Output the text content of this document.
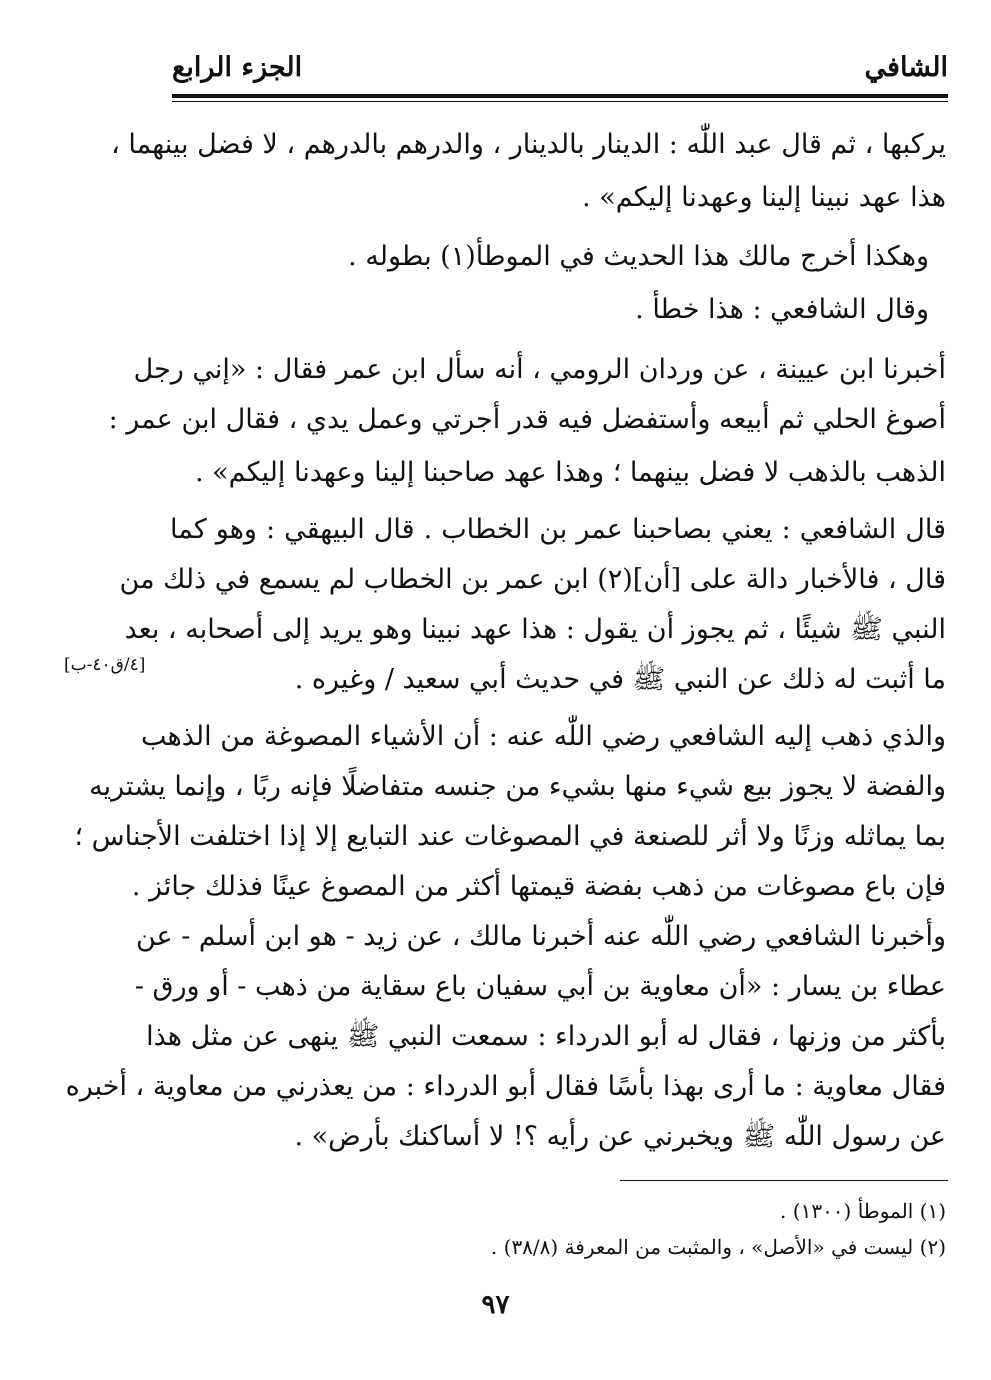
الشافي
الجزء الرابع
يركبها ، ثم قال عبد اللّٰه : الدينار بالدينار ، والدرهم بالدرهم ، لا فضل بينهما ،
هذا عهد نبينا إلينا وعهدنا إليكم» .
وهكذا أخرج مالك هذا الحديث في الموطأ(١) بطوله .
وقال الشافعي : هذا خطأ .
أخبرنا ابن عيينة ، عن وردان الرومي ، أنه سأل ابن عمر فقال : «إني رجل
أصوغ الحلي ثم أبيعه وأستفضل فيه قدر أجرتي وعمل يدي ، فقال ابن عمر :
الذهب بالذهب لا فضل بينهما ؛ وهذا عهد صاحبنا إلينا وعهدنا إليكم» .
قال الشافعي : يعني بصاحبنا عمر بن الخطاب . قال البيهقي : وهو كما
قال ، فالأخبار دالة على [أن](٢) ابن عمر بن الخطاب لم يسمع في ذلك من
النبي ﷺ شيئًا ، ثم يجوز أن يقول : هذا عهد نبينا وهو يريد إلى أصحابه ، بعد
ما أثبت له ذلك عن النبي ﷺ في حديث أبي سعيد / وغيره .
[٤/ق٤٠-ب]
والذي ذهب إليه الشافعي رضي اللّٰه عنه : أن الأشياء المصوغة من الذهب
والفضة لا يجوز بيع شيء منها بشيء من جنسه متفاضلًا فإنه ربًا ، وإنما يشتريه
بما يماثله وزنًا ولا أثر للصنعة في المصوغات عند التبايع إلا إذا اختلفت الأجناس ؛
فإن باع مصوغات من ذهب بفضة قيمتها أكثر من المصوغ عينًا فذلك جائز .
وأخبرنا الشافعي رضي اللّٰه عنه أخبرنا مالك ، عن زيد - هو ابن أسلم - عن
عطاء بن يسار : «أن معاوية بن أبي سفيان باع سقاية من ذهب - أو ورق -
بأكثر من وزنها ، فقال له أبو الدرداء : سمعت النبي ﷺ ينهى عن مثل هذا
فقال معاوية : ما أرى بهذا بأسًا فقال أبو الدرداء : من يعذرني من معاوية ، أخبره
عن رسول اللّٰه ﷺ ويخبرني عن رأيه ؟! لا أساكنك بأرض» .
(١) الموطأ (١٣٠٠) .
(٢) ليست في «الأصل» ، والمثبت من المعرفة (٣٨/٨) .
٩٧
